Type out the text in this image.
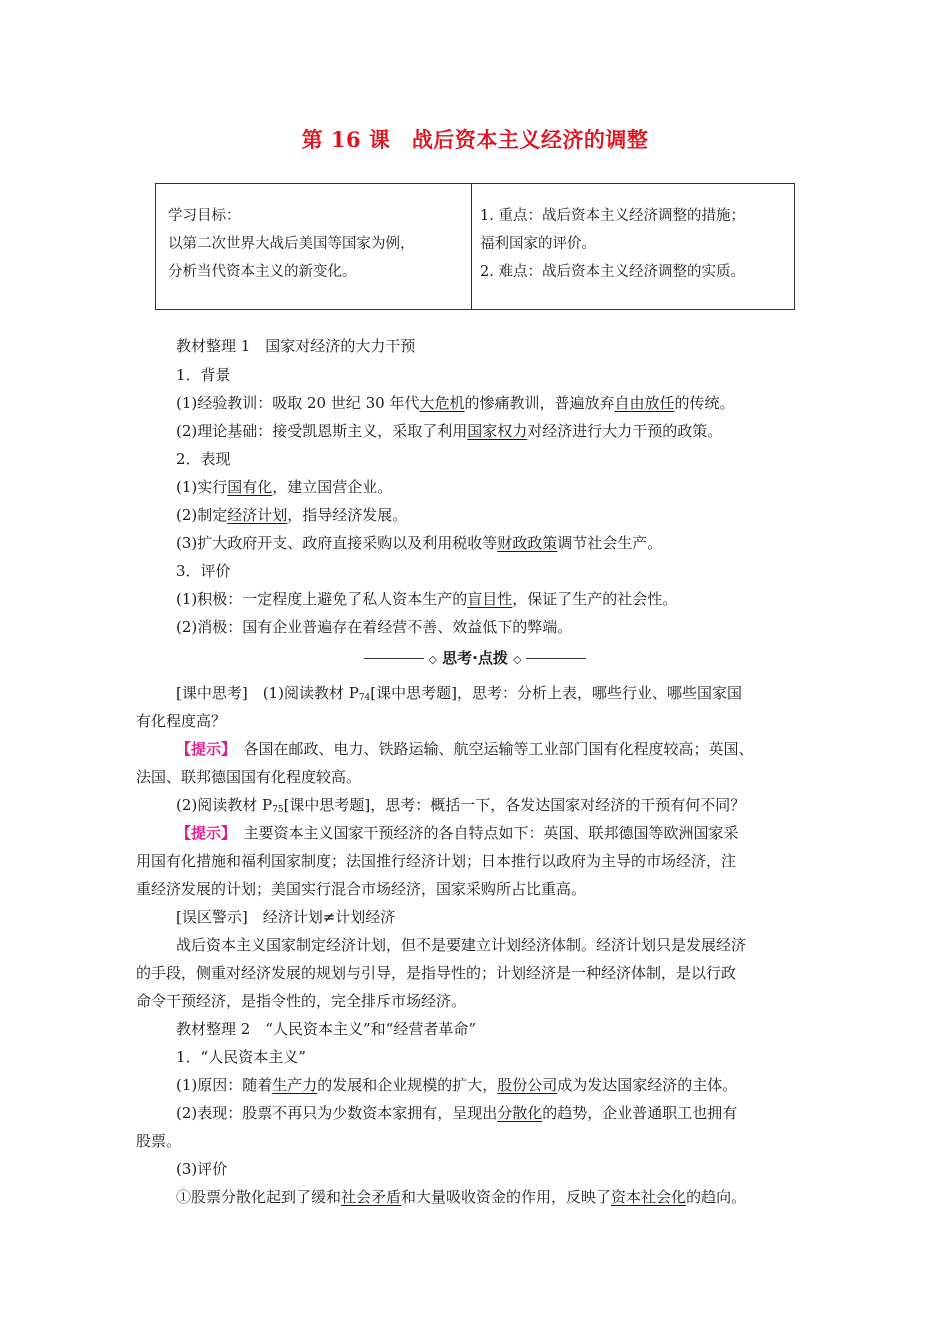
第 16 课　战后资本主义经济的调整
学习目标：
以第二次世界大战后美国等国家为例，
分析当代资本主义的新变化。
1. 重点：战后资本主义经济调整的措施；
福利国家的评价。
2. 难点：战后资本主义经济调整的实质。
教材整理 1　国家对经济的大力干预
1．背景
(1)经验教训：吸取 20 世纪 30 年代大危机的惨痛教训，普遍放弃自由放任的传统。
(2)理论基础：接受凯恩斯主义，采取了利用国家权力对经济进行大力干预的政策。
2．表现
(1)实行国有化，建立国营企业。
(2)制定经济计划，指导经济发展。
(3)扩大政府开支、政府直接采购以及利用税收等财政政策调节社会生产。
3．评价
(1)积极：一定程度上避免了私人资本生产的盲目性，保证了生产的社会性。
(2)消极：国有企业普遍存在着经营不善、效益低下的弊端。
◇ 思考·点拨 ◇
[课中思考]　(1)阅读教材 $P_{74}$[课中思考题]，思考：分析上表，哪些行业、哪些国家国
有化程度高？
【提示】　各国在邮政、电力、铁路运输、航空运输等工业部门国有化程度较高；英国、
法国、联邦德国国有化程度较高。
(2)阅读教材 $P_{75}$[课中思考题]，思考：概括一下，各发达国家对经济的干预有何不同？
【提示】　主要资本主义国家干预经济的各自特点如下：英国、联邦德国等欧洲国家采
用国有化措施和福利国家制度；法国推行经济计划；日本推行以政府为主导的市场经济，注
重经济发展的计划；美国实行混合市场经济，国家采购所占比重高。
[误区警示]　经济计划≠计划经济
战后资本主义国家制定经济计划，但不是要建立计划经济体制。经济计划只是发展经济
的手段，侧重对经济发展的规划与引导，是指导性的；计划经济是一种经济体制，是以行政
命令干预经济，是指令性的，完全排斥市场经济。
教材整理 2　“人民资本主义”和“经营者革命”
1．“人民资本主义”
(1)原因：随着生产力的发展和企业规模的扩大，股份公司成为发达国家经济的主体。
(2)表现：股票不再只为少数资本家拥有，呈现出分散化的趋势，企业普通职工也拥有
股票。
(3)评价
①股票分散化起到了缓和社会矛盾和大量吸收资金的作用，反映了资本社会化的趋向。
